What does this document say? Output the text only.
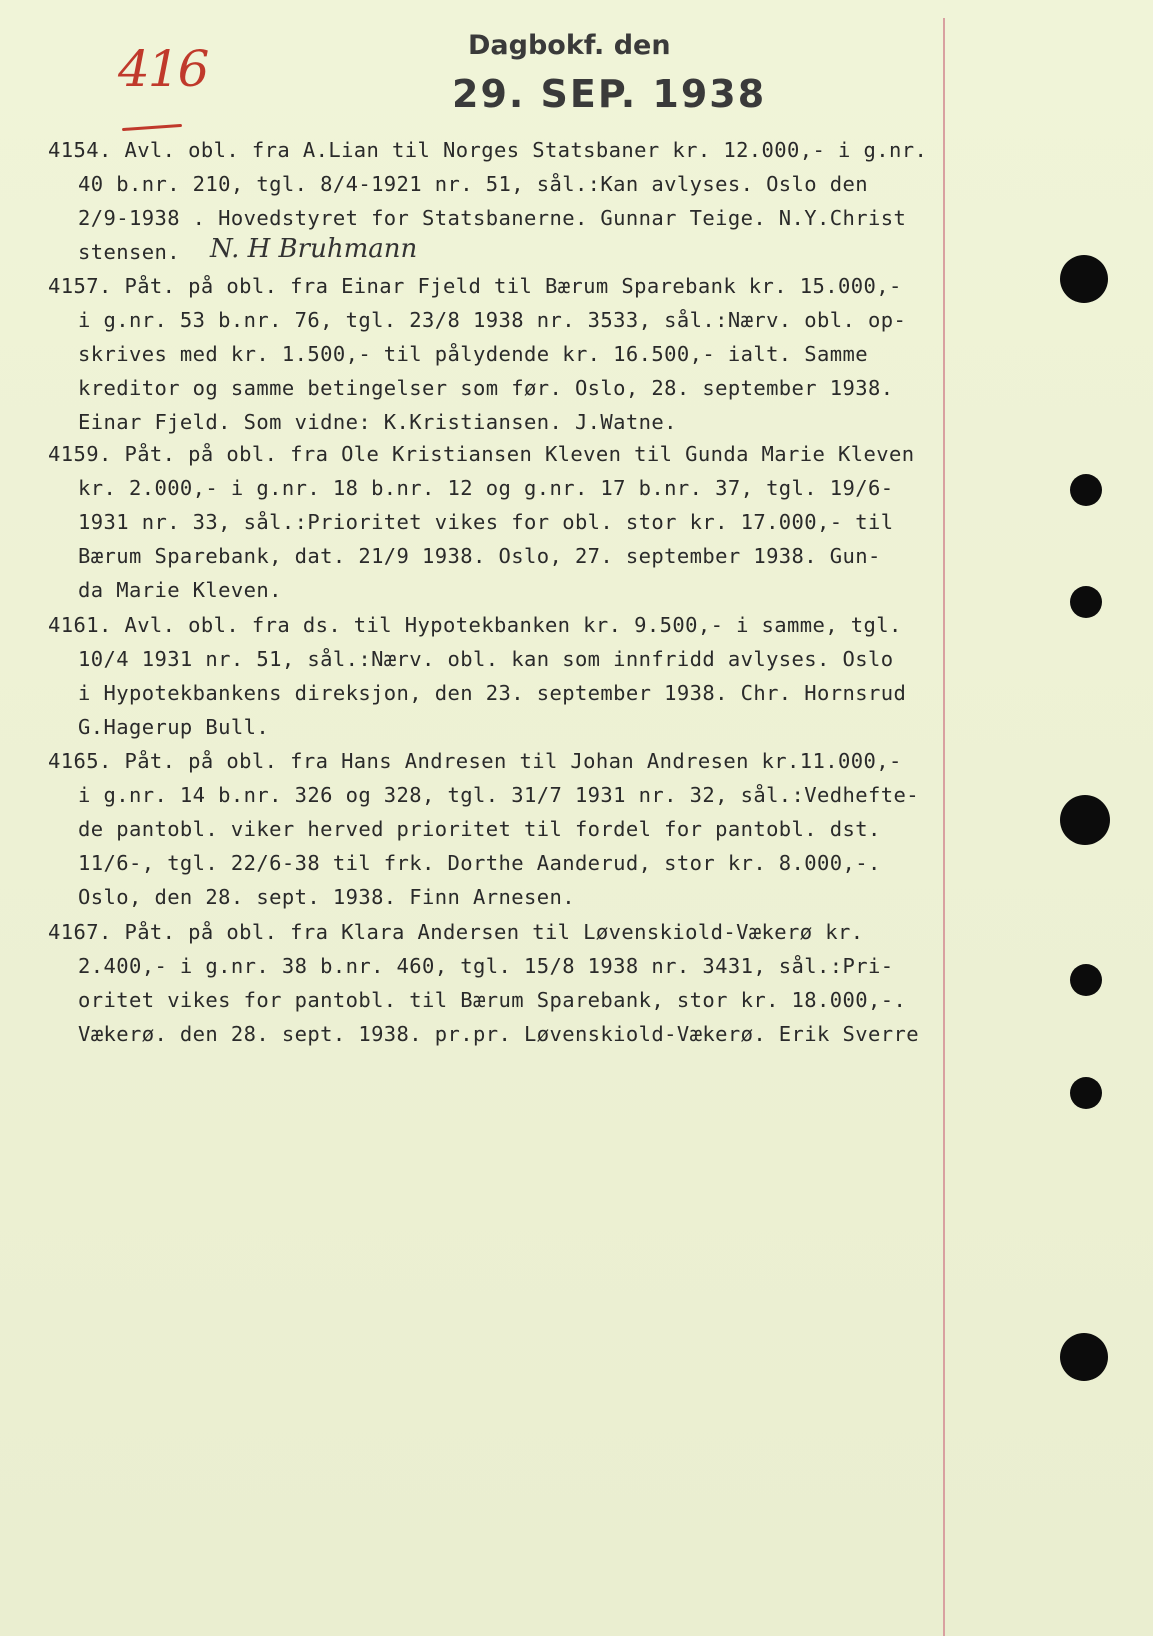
416	Dagbokf. den
29. SEP. 1938
4154. Avl. obl. fra A.Lian til Norges Statsbaner kr. 12.000,- i g.nr.
40 b.nr. 210, tgl. 8/4-1921 nr. 51, sål.:Kan avlyses. Oslo den
2/9-1938 . Hovedstyret for Statsbanerne. Gunnar Teige. N.Y.Christ
stensen.	N. H Bruhmann
4157. Påt. på obl. fra Einar Fjeld til Bærum Sparebank kr. 15.000,-
i g.nr. 53 b.nr. 76, tgl. 23/8 1938 nr. 3533, sål.:Nærv. obl. op-
skrives med kr. 1.500,- til pålydende kr. 16.500,- ialt. Samme
kreditor og samme betingelser som før. Oslo, 28. september 1938.
Einar Fjeld. Som vidne: K.Kristiansen. J.Watne.
4159. Påt. på obl. fra Ole Kristiansen Kleven til Gunda Marie Kleven
kr. 2.000,- i g.nr. 18 b.nr. 12 og g.nr. 17 b.nr. 37, tgl. 19/6-
1931 nr. 33, sål.:Prioritet vikes for obl. stor kr. 17.000,- til
Bærum Sparebank, dat. 21/9 1938. Oslo, 27. september 1938. Gun-
da Marie Kleven.
4161. Avl. obl. fra ds. til Hypotekbanken kr. 9.500,- i samme, tgl.
10/4 1931 nr. 51, sål.:Nærv. obl. kan som innfridd avlyses. Oslo
i Hypotekbankens direksjon, den 23. september 1938. Chr. Hornsrud
G.Hagerup Bull.
4165. Påt. på obl. fra Hans Andresen til Johan Andresen kr.11.000,-
i g.nr. 14 b.nr. 326 og 328, tgl. 31/7 1931 nr. 32, sål.:Vedhefte-
de pantobl. viker herved prioritet til fordel for pantobl. dst.
11/6-, tgl. 22/6-38 til frk. Dorthe Aanderud, stor kr. 8.000,-.
Oslo, den 28. sept. 1938. Finn Arnesen.
4167. Påt. på obl. fra Klara Andersen til Løvenskiold-Vækerø kr.
2.400,- i g.nr. 38 b.nr. 460, tgl. 15/8 1938 nr. 3431, sål.:Pri-
oritet vikes for pantobl. til Bærum Sparebank, stor kr. 18.000,-.
Vækerø. den 28. sept. 1938. pr.pr. Løvenskiold-Vækerø. Erik Sverre
